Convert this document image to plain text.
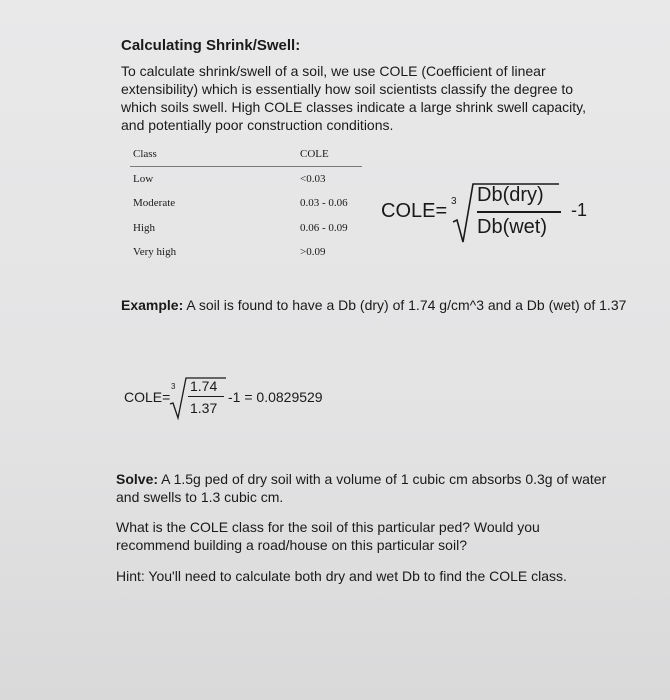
Calculating Shrink/Swell:
To calculate shrink/swell of a soil, we use COLE (Coefficient of linear extensibility) which is essentially how soil scientists classify the degree to which soils swell. High COLE classes indicate a large shrink swell capacity, and potentially poor construction conditions.
Class	COLE
Low	<0.03
Moderate	0.03 - 0.06
High	0.06 - 0.09
Very high	>0.09
COLE= 3 Db(dry)
Db(wet)
-1
Example: A soil is found to have a Db (dry) of 1.74 g/cm^3 and a Db (wet) of 1.37
COLE=
3 1.74
1.37
-1 = 0.0829529
Solve: A 1.5g ped of dry soil with a volume of 1 cubic cm absorbs 0.3g of water and swells to 1.3 cubic cm.
What is the COLE class for the soil of this particular ped? Would you recommend building a road/house on this particular soil?
Hint: You'll need to calculate both dry and wet Db to find the COLE class.
